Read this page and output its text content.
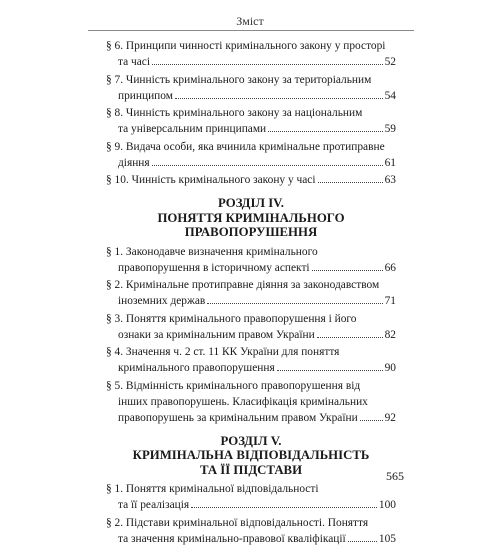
Зміст
§ 6. Принципи чинності кримінального закону у просторі
та часі	52
§ 7. Чинність кримінального закону за територіальним
принципом	54
§ 8. Чинність кримінального закону за національним
та універсальним принципами	59
§ 9. Видача особи, яка вчинила кримінальне протиправне
діяння	61
§ 10. Чинність кримінального закону у часі	63
РОЗДІЛ IV.
ПОНЯТТЯ КРИМІНАЛЬНОГО
ПРАВОПОРУШЕННЯ
§ 1. Законодавче визначення кримінального
правопорушення в історичному аспекті	66
§ 2. Кримінальне протиправне діяння за законодавством
іноземних держав	71
§ 3. Поняття кримінального правопорушення і його
ознаки за кримінальним правом України	82
§ 4. Значення ч. 2 ст. 11 КК України для поняття
кримінального правопорушення	90
§ 5. Відмінність кримінального правопорушення від
інших правопорушень. Класифікація кримінальних
правопорушень за кримінальним правом України 92
РОЗДІЛ V.
КРИМІНАЛЬНА ВІДПОВІДАЛЬНІСТЬ
ТА ЇЇ ПІДСТАВИ
§ 1. Поняття кримінальної відповідальності
та її реалізація	100
§ 2. Підстави кримінальної відповідальності. Поняття
та значення кримінально-правової кваліфікації	105
565
